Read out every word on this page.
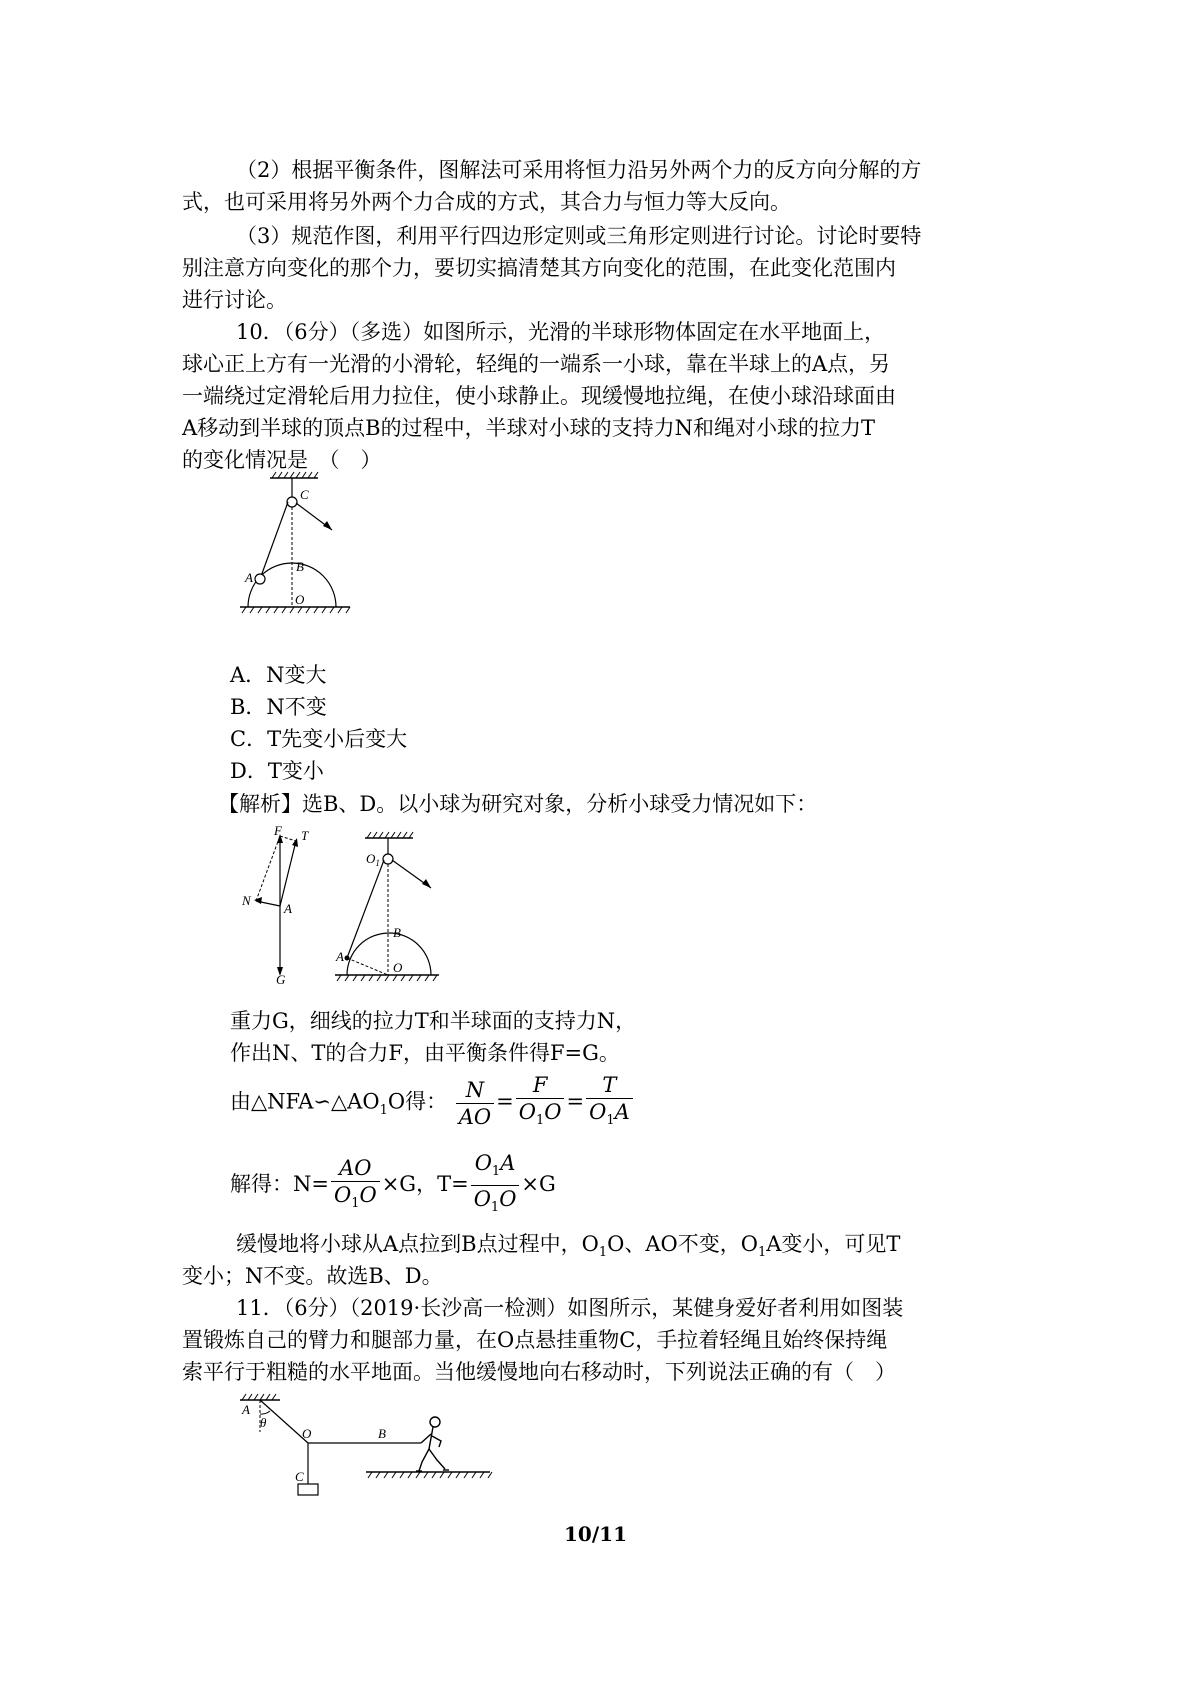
（2）根据平衡条件，图解法可采用将恒力沿另外两个力的反方向分解的方
式，也可采用将另外两个力合成的方式，其合力与恒力等大反向。
（3）规范作图，利用平行四边形定则或三角形定则进行讨论。讨论时要特
别注意方向变化的那个力，要切实搞清楚其方向变化的范围，在此变化范围内
进行讨论。
10．（6分）（多选）如图所示，光滑的半球形物体固定在水平地面上，
球心正上方有一光滑的小滑轮，轻绳的一端系一小球，靠在半球上的A点，另
一端绕过定滑轮后用力拉住，使小球静止。现缓慢地拉绳，在使小球沿球面由
A移动到半球的顶点B的过程中，半球对小球的支持力N和绳对小球的拉力T
的变化情况是　（　）
C
A
B
O
A．N变大
B．N不变
C．T先变小后变大
D．T变小
【解析】选B、D。以小球为研究对象，分析小球受力情况如下：
F T
N
A
G
$O_1$
B
A
O
重力G，细线的拉力T和半球面的支持力N，
作出N、T的合力F，由平衡条件得F=G。
由$\triangle NFA∽\triangle AO_1O$得： $\frac{N}{AO} = \frac{F}{O_1O} = \frac{T}{O_1A}$
解得：$N= \frac{AO}{O_1O} \times G$，$T= \frac{O_1A}{O_1O} \times G$
缓慢地将小球从A点拉到B点过程中，$O_1O$、AO不变，$O_1A$变小，可见T
变小；N不变。故选B、D。
11．（6分）（2019·长沙高一检测）如图所示，某健身爱好者利用如图装
置锻炼自己的臂力和腿部力量，在O点悬挂重物C，手拉着轻绳且始终保持绳
索平行于粗糙的水平地面。当他缓慢地向右移动时，下列说法正确的有（　）
A
θ
O	B
C
10/11
